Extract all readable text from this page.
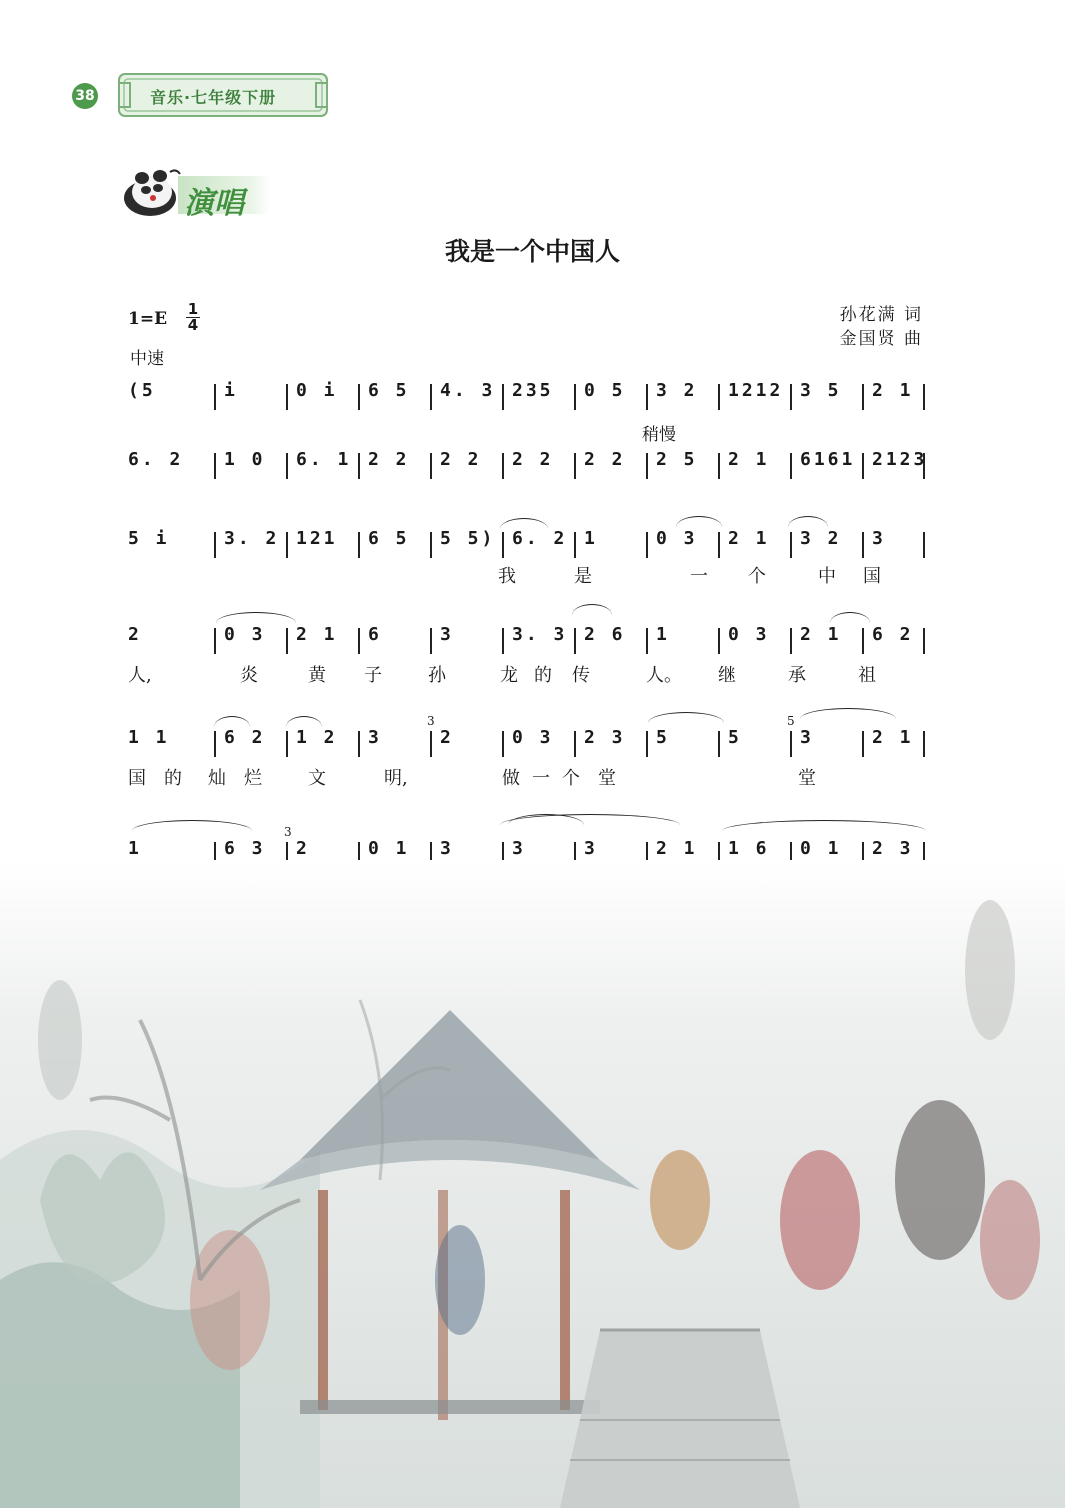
38	音乐·七年级下册
演唱
我是一个中国人
1=E 1
4
中速
孙花满 词
金国贤 曲
(5	i	0 i 6 5 4. 3 235 0 5 3 2 1212 3 5 2 1
6. 2 1 0 6. 1 2 2 2 2 2 2 2 2 2 5 2 1 6161 2123
5 i	3. 2 121 6 5 5 5) 6. 2 1	0 3 2 1 3 2 3
我	是	一 个	中 国
2	0 3 2 1 6	3	3. 3 2 6 1	0 3 2 1 6 2
人,	炎	黄 子	孙	龙 的 传	人。 继	承	祖
1 1	6 2 1 2 3	2	0 3 2 3 5	5	3	2 1
国 的 灿 烂	文	明,	做 一 个 堂	堂
1	6 3 2	0 1 3	3	3	2 1 1 6 0 1 2 3
3	5
3
稍慢
